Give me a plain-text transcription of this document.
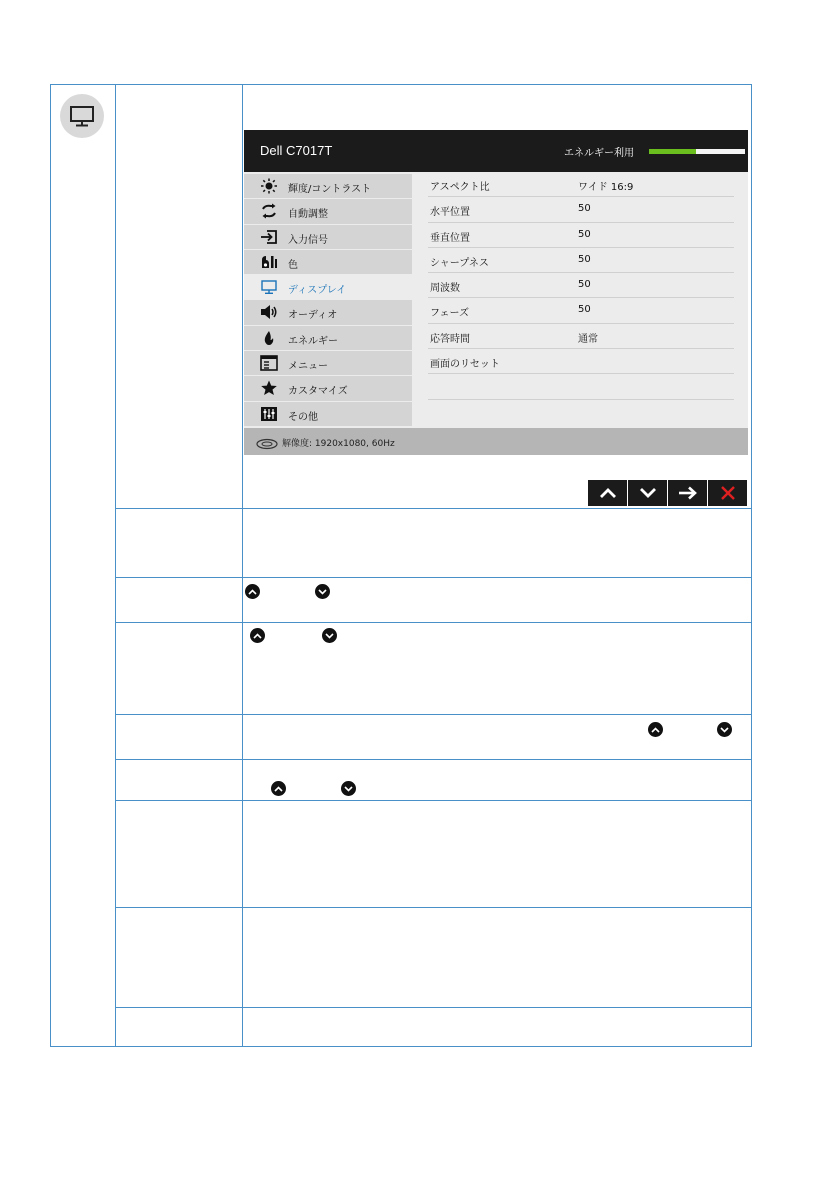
Dell C7017T	エネルギー利用
輝度/コントラスト
自動調整
入力信号
色
ディスプレイ
オーディオ
エネルギー
メニュー
カスタマイズ
その他
アスペクト比	ワイド 16:9
水平位置	50
垂直位置	50
シャープネス	50
周波数	50
フェーズ	50
応答時間	通常
画面のリセット
解像度: 1920x1080, 60Hz
